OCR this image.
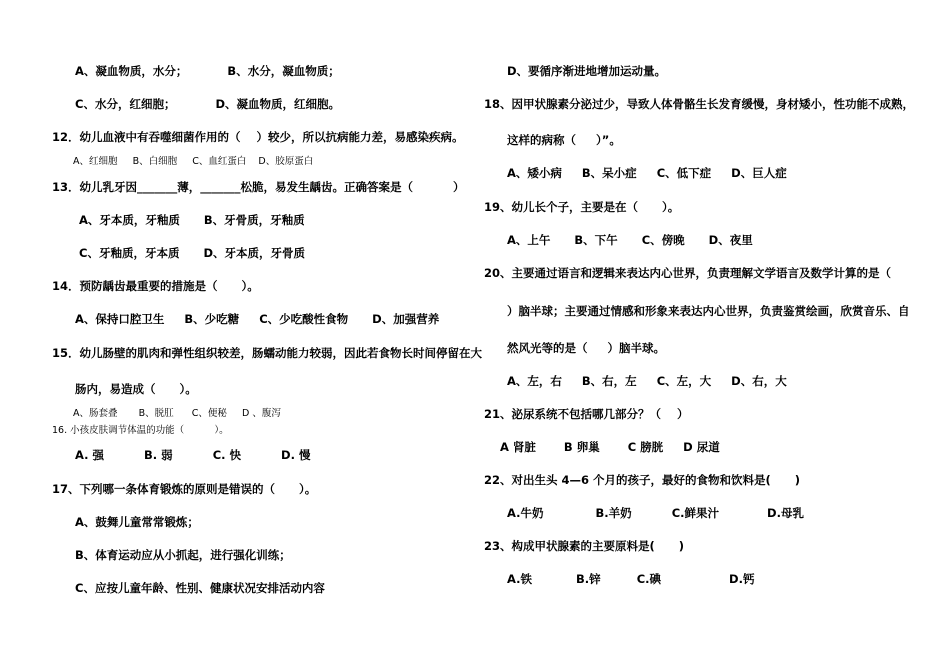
A、凝血物质，水分；          B、水分，凝血物质；
C、水分，红细胞；          D、凝血物质，红细胞。
12．幼儿血液中有吞噬细菌作用的（    ）较少，所以抗病能力差，易感染疾病。
A、红细胞     B、白细胞     C、血红蛋白    D、胶原蛋白
13．幼儿乳牙因_______薄，_______松脆，易发生龋齿。正确答案是（          ）
A、牙本质，牙釉质      B、牙骨质，牙釉质
C、牙釉质，牙本质      D、牙本质，牙骨质
14．预防龋齿最重要的措施是（      ）。
A、保持口腔卫生     B、少吃糖     C、少吃酸性食物      D、加强营养
15．幼儿肠壁的肌肉和弹性组织较差，肠蠕动能力较弱，因此若食物长时间停留在大
肠内，易造成（      ）。
A、肠套叠       B、脱肛      C、便秘     D 、腹泻
16. 小孩皮肤调节体温的功能（          ）。
A. 强          B. 弱          C. 快          D. 慢
17、下列哪一条体育锻炼的原则是错误的（      ）。
A、鼓舞儿童常常锻炼；
B、体育运动应从小抓起，进行强化训练；
C、应按儿童年龄、性别、健康状况安排活动内容
D、要循序渐进地增加运动量。
18、因甲状腺素分泌过少，导致人体骨骼生长发育缓慢，身材矮小，性功能不成熟，
这样的病称（     ）”。
A、矮小病     B、呆小症     C、低下症     D、巨人症
19、幼儿长个子，主要是在（      ）。
A、上午      B、下午      C、傍晚      D、夜里
20、主要通过语言和逻辑来表达内心世界，负责理解文学语言及数学计算的是（
）脑半球；主要通过情感和形象来表达内心世界，负责鉴赏绘画，欣赏音乐、自
然风光等的是（     ）脑半球。
A、左，右     B、右，左     C、左，大     D、右，大
21、泌尿系统不包括哪几部分？（    ）
A 肾脏       B 卵巢       C 膀胱     D 尿道
22、对出生头 4—6 个月的孩子，最好的食物和饮料是(      )
A.牛奶             B.羊奶          C.鲜果汁            D.母乳
23、构成甲状腺素的主要原料是(      )
A.铁           B.锌         C.碘                 D.钙
